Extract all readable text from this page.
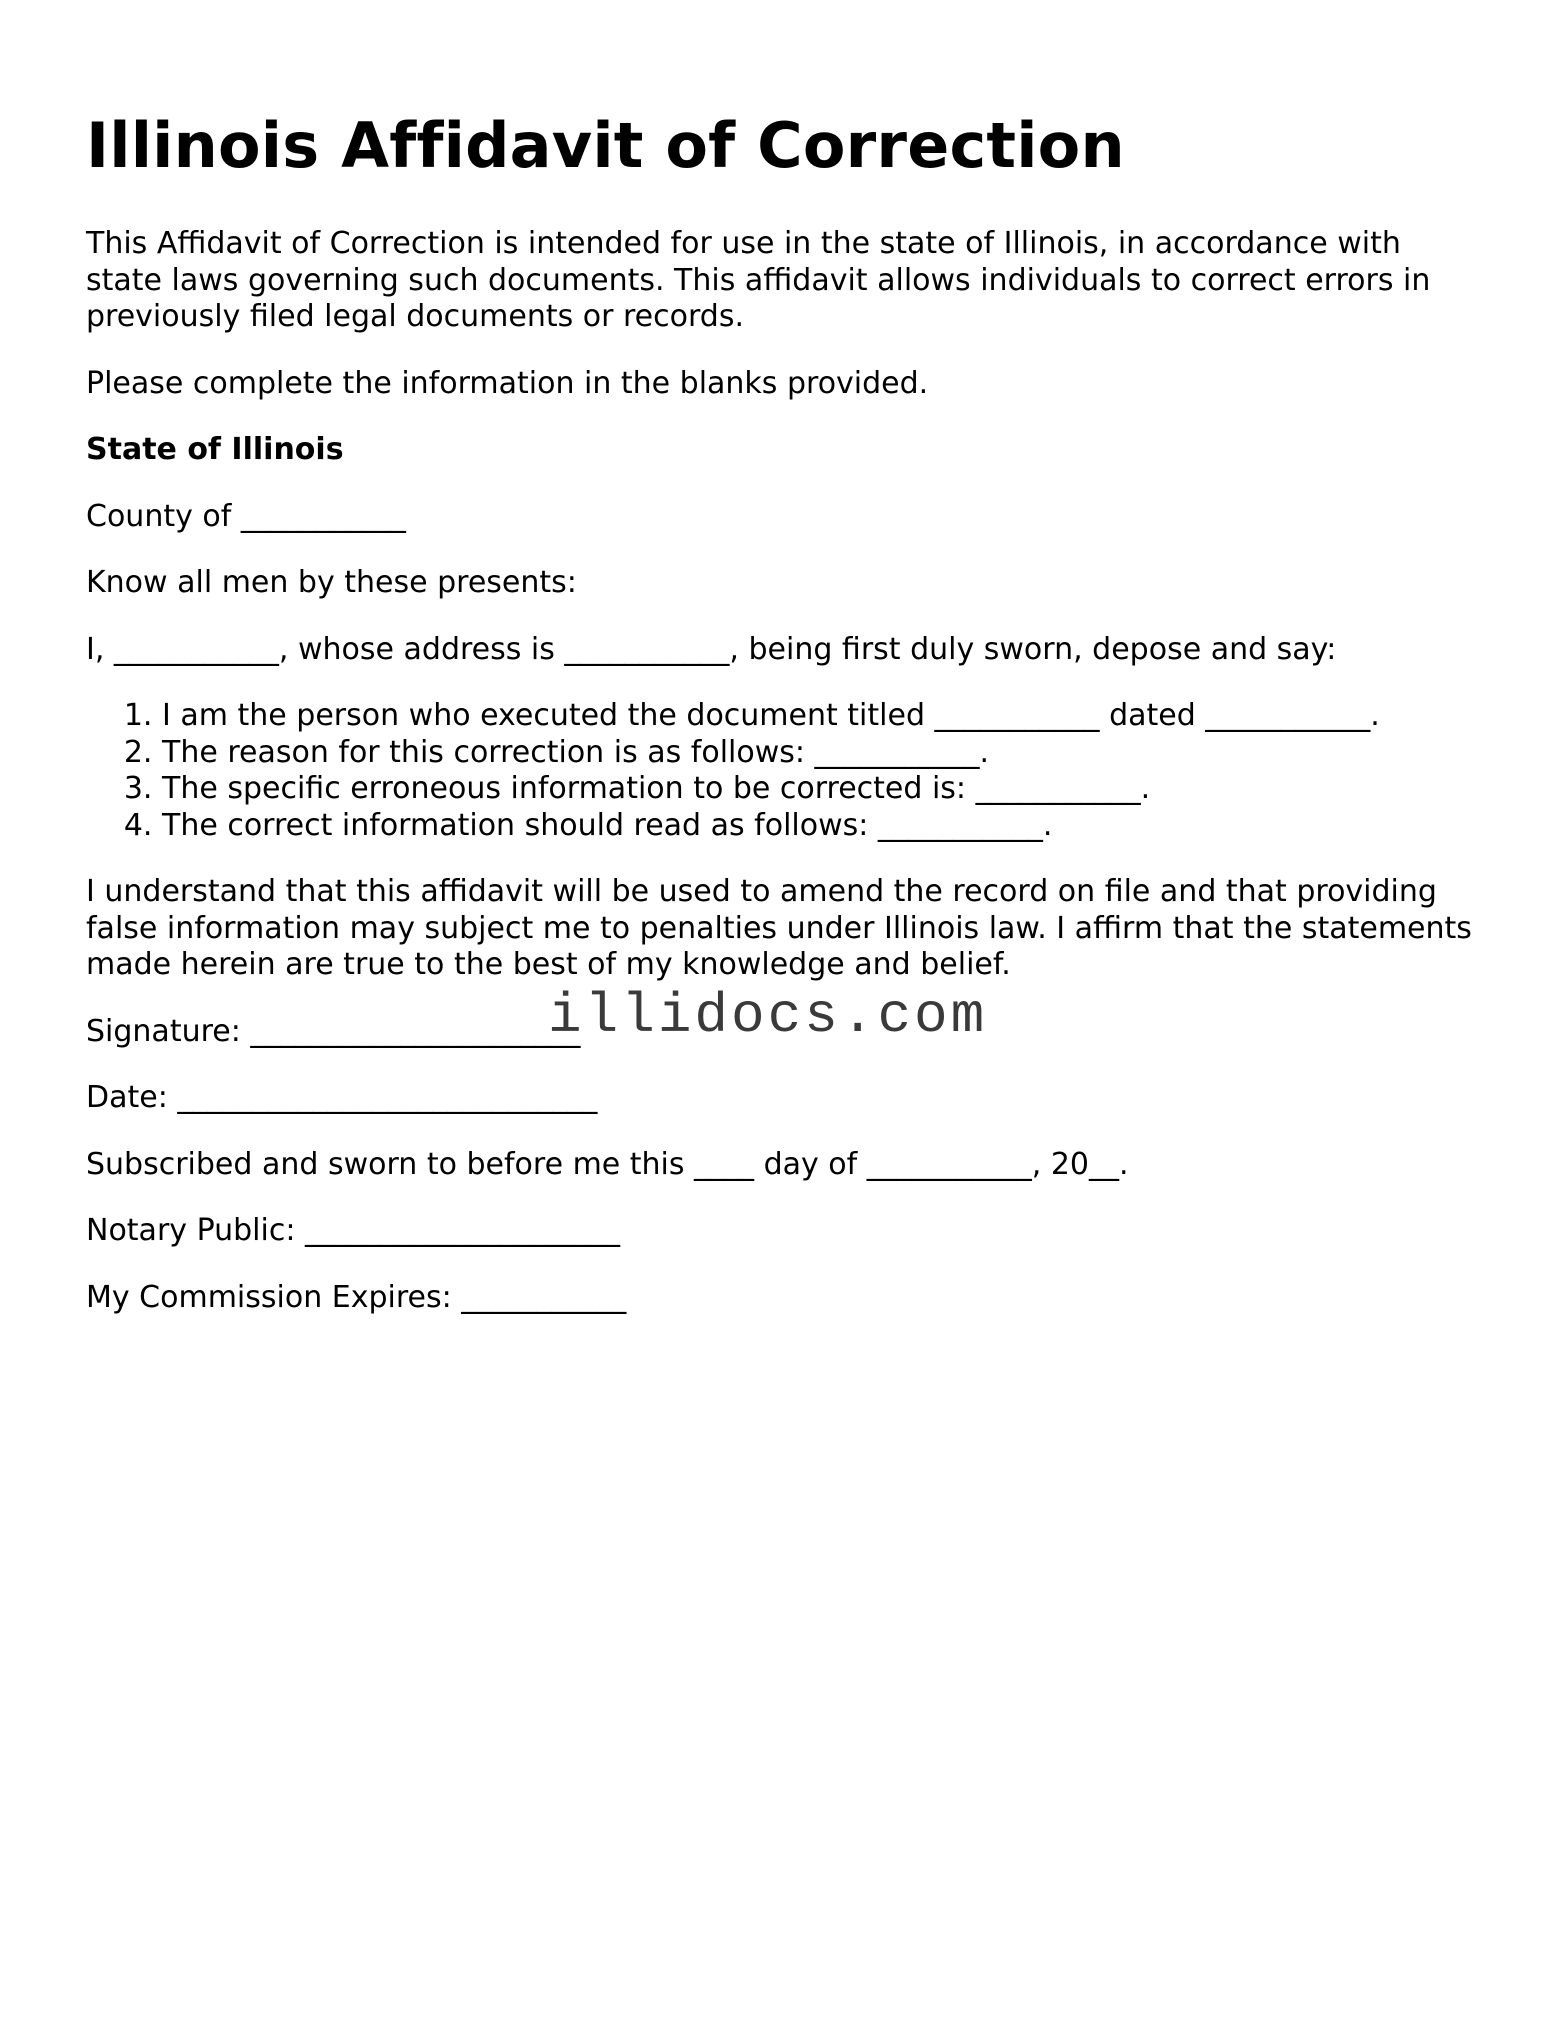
Illinois Affidavit of Correction

This Affidavit of Correction is intended for use in the state of Illinois, in accordance with state laws governing such documents. This affidavit allows individuals to correct errors in previously filed legal documents or records.

Please complete the information in the blanks provided.

State of Illinois

County of ___________

Know all men by these presents:

I, ___________, whose address is ___________, being first duly sworn, depose and say:

1. I am the person who executed the document titled ___________ dated ___________.
2. The reason for this correction is as follows: ___________.
3. The specific erroneous information to be corrected is: ___________.
4. The correct information should read as follows: ___________.

I understand that this affidavit will be used to amend the record on file and that providing false information may subject me to penalties under Illinois law. I affirm that the statements made herein are true to the best of my knowledge and belief.

Signature: ______________________

Date: ____________________________

Subscribed and sworn to before me this ____ day of ___________, 20__.

Notary Public: _____________________

My Commission Expires: ___________

illidocs.com
